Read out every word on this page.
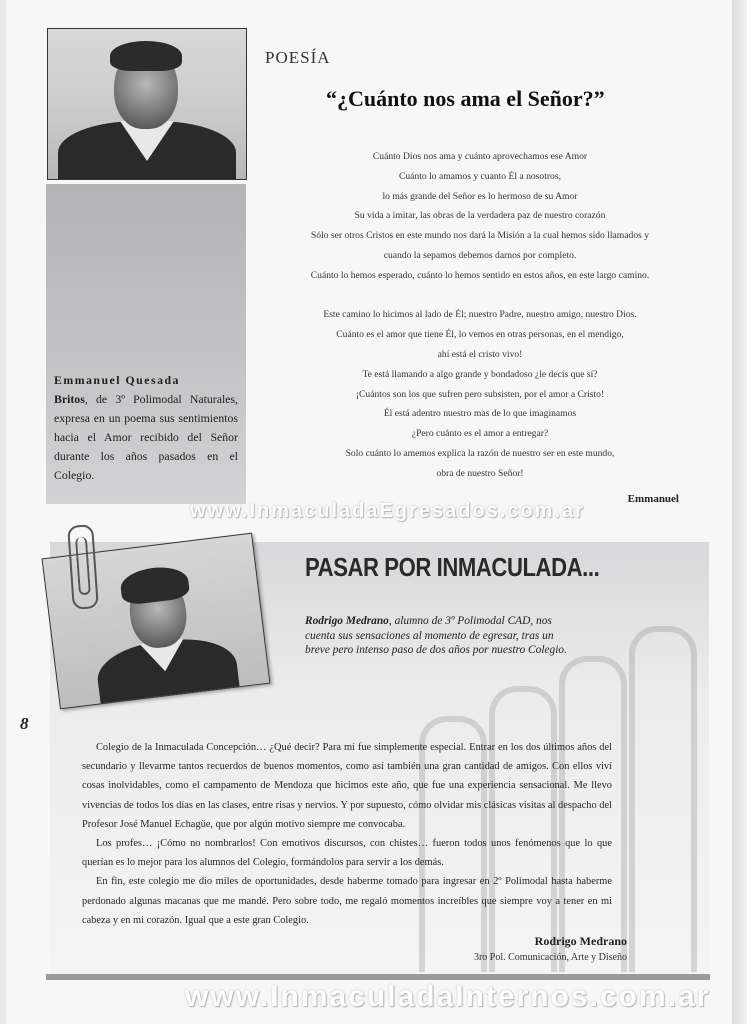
Emmanuel Quesada
Britos, de 3º Polimodal Naturales, expresa en un poema sus sentimientos hacia el Amor recibido del Señor durante los años pasados en el Colegio.
POESÍA
“¿Cuánto nos ama el Señor?”
Cuánto Dios nos ama y cuánto aprovechamos ese Amor
Cuánto lo amamos y cuanto Él a nosotros,
lo más grande del Señor es lo hermoso de su Amor
Su vida a imitar, las obras de la verdadera paz de nuestro corazón
Sólo ser otros Cristos en este mundo nos dará la Misión a la cual hemos sido llamados y
cuando la sepamos debemos darnos por completo.
Cuánto lo hemos esperado, cuánto lo hemos sentido en estos años, en este largo camino.
Este camino lo hicimos al lado de Él; nuestro Padre, nuestro amigo, nuestro Dios.
Cuánto es el amor que tiene Él, lo vemos en otras personas, en el mendigo,
ahí está el cristo vivo!
Te está llamando a algo grande y bondadoso ¿le decís que sí?
¡Cuántos son los que sufren pero subsisten, por el amor a Cristo!
Él está adentro nuestro mas de lo que imaginamos
¿Pero cuánto es el amor a entregar?
Solo cuánto lo amemos explica la razón de nuestro ser en este mundo,
obra de nuestro Señor!
Emmanuel
www.InmaculadaEgresados.com.ar
PASAR POR INMACULADA...
Rodrigo Medrano, alumno de 3º Polimodal CAD, nos cuenta sus sensaciones al momento de egresar, tras un breve pero intenso paso de dos años por nuestro Colegio.
8

Colegio de la Inmaculada Concepción… ¿Qué decir? Para mí fue simplemente especial. Entrar en los dos últimos años del secundario y llevarme tantos recuerdos de buenos momentos, como así también una gran cantidad de amigos. Con ellos viví cosas inolvidables, como el campamento de Mendoza que hicimos este año, que fue una experiencia sensacional. Me llevo vivencias de todos los días en las clases, entre risas y nervios. Y por supuesto, cómo olvidar mis clásicas visitas al despacho del Profesor José Manuel Echagüe, que por algún motivo siempre me convocaba.

Los profes… ¡Cómo no nombrarlos! Con emotivos discursos, con chistes… fueron todos unos fenómenos que lo que querían es lo mejor para los alumnos del Colegio, formándolos para servir a los demás.

En fin, este colegio me dio miles de oportunidades, desde haberme tomado para ingresar en 2º Polimodal hasta haberme perdonado algunas macanas que me mandé. Pero sobre todo, me regaló momentos increíbles que siempre voy a tener en mi cabeza y en mi corazón. Igual que a este gran Colegio.

Rodrigo Medrano
3ro Pol. Comunicación, Arte y Diseño
www.InmaculadaInternos.com.ar
